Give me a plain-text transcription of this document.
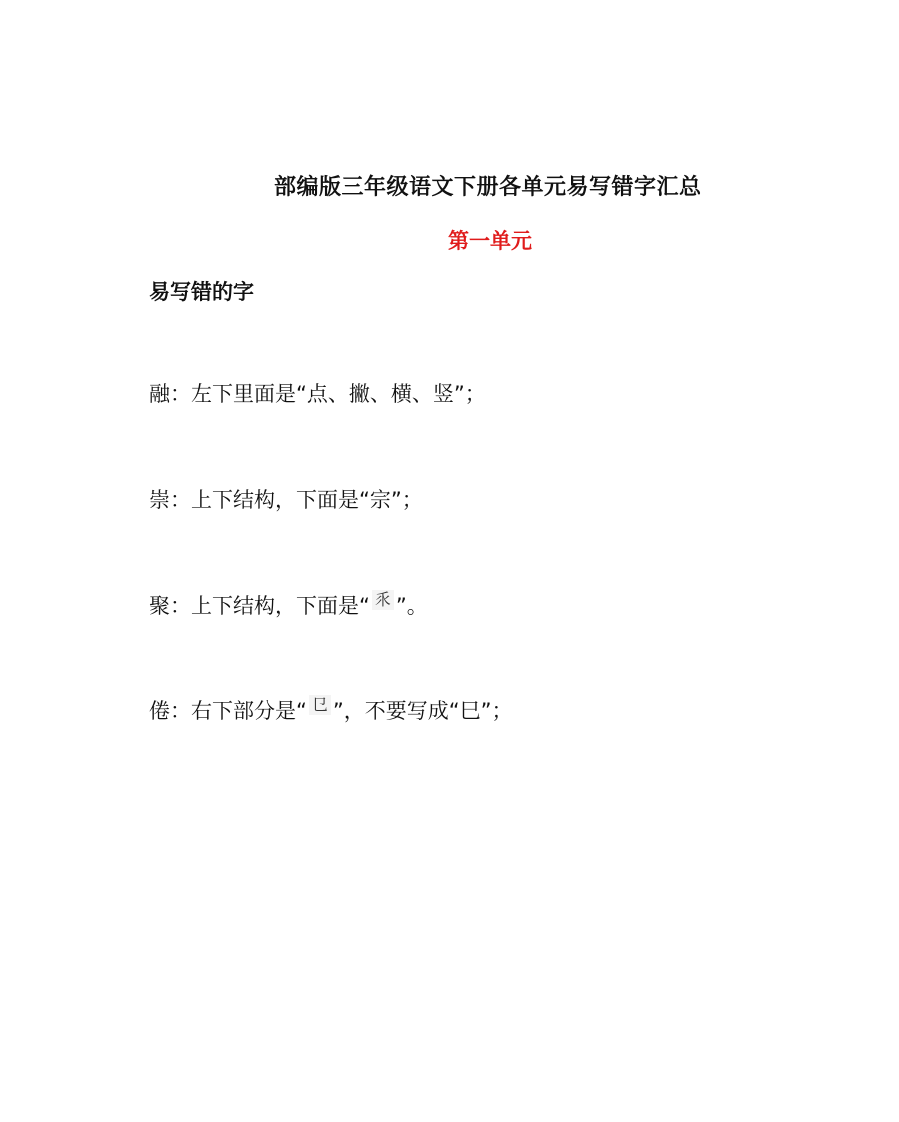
部编版三年级语文下册各单元易写错字汇总
第一单元
易写错的字
融：左下里面是“点、撇、横、竖”；
崇：上下结构，下面是“宗”；
聚：上下结构，下面是“ 乑 ”。
倦：右下部分是“ 㔾 ”，不要写成“巳”；
